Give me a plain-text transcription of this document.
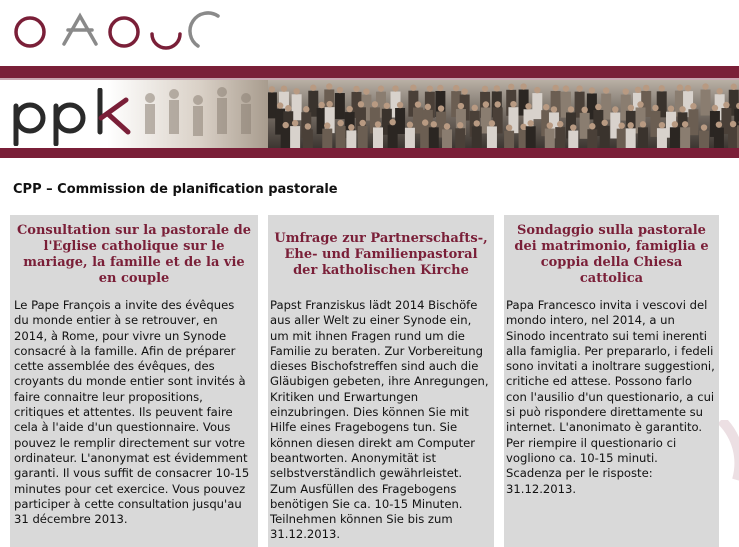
CPP – Commission de planification pastorale
Consultation sur la pastorale de l'Eglise catholique sur le mariage, la famille et de la vie en couple
Le Pape François a invite des évêques du monde entier à se retrouver, en 2014, à Rome, pour vivre un Synode consacré à la famille. Afin de préparer cette assemblée des évêques, des croyants du monde entier sont invités à faire connaitre leur propositions, critiques et attentes. Ils peuvent faire cela à l'aide d'un questionnaire. Vous pouvez le remplir directement sur votre ordinateur. L'anonymat est évidemment garanti. Il vous suffit de consacrer 10-15 minutes pour cet exercice. Vous pouvez participer à cette consultation jusqu'au 31 décembre 2013.
Umfrage zur Partnerschafts-, Ehe- und Familienpastoral der katholischen Kirche
Papst Franziskus lädt 2014 Bischöfe aus aller Welt zu einer Synode ein, um mit ihnen Fragen rund um die Familie zu beraten. Zur Vorbereitung dieses Bischofstreffen sind auch die Gläubigen gebeten, ihre Anregungen, Kritiken und Erwartungen einzubringen. Dies können Sie mit Hilfe eines Fragebogens tun. Sie können diesen direkt am Computer beantworten. Anonymität ist selbstverständlich gewährleistet. Zum Ausfüllen des Fragebogens benötigen Sie ca. 10-15 Minuten. Teilnehmen können Sie bis zum 31.12.2013.
Sondaggio sulla pastorale dei matrimonio, famiglia e coppia della Chiesa cattolica
Papa Francesco invita i vescovi del mondo intero, nel 2014, a un Sinodo incentrato sui temi inerenti alla famiglia. Per prepararlo, i fedeli sono invitati a inoltrare suggestioni, critiche ed attese. Possono farlo con l'ausilio d'un questionario, a cui si può rispondere direttamente su internet. L'anonimato è garantito. Per riempire il questionario ci vogliono ca. 10-15 minuti. Scadenza per le risposte: 31.12.2013.
